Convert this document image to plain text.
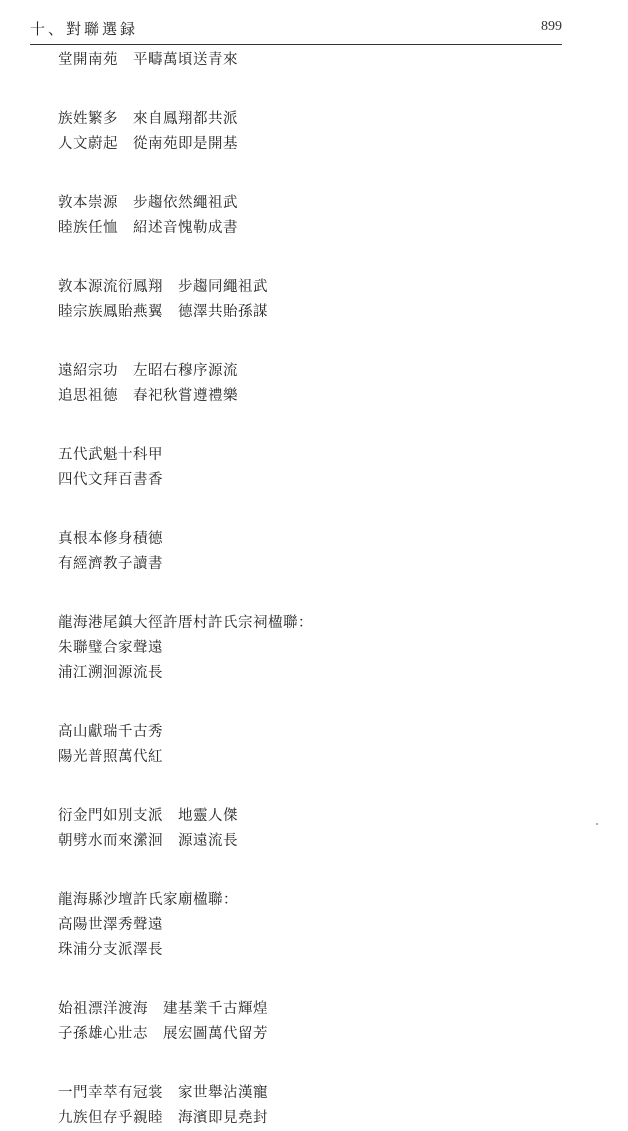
十、對聯選録	899
堂開南苑　平疇萬頃送青來
族姓繁多　來自鳳翔都共派
人文蔚起　從南苑即是開基
敦本崇源　步趨依然繩祖武
睦族任恤　紹述音愧勒成書
敦本源流衍鳳翔　步趨同繩祖武
睦宗族鳳貽燕翼　德澤共貽孫謀
遠紹宗功　左昭右穆序源流
追思祖德　春祀秋嘗遵禮樂
五代武魁十科甲
四代文拜百書香
真根本修身積德
有經濟教子讀書
龍海港尾鎮大徑許厝村許氏宗祠楹聯：
朱聯璧合家聲遠
浦江溯洄源流長
高山獻瑞千古秀
陽光普照萬代紅
衍金門如別支派　地靈人傑
朝劈水而來瀠洄　源遠流長
龍海縣沙壇許氏家廟楹聯：
高陽世澤秀聲遠
珠浦分支派澤長
始祖漂洋渡海　建基業千古輝煌
子孫雄心壯志　展宏圖萬代留芳
一門幸萃有冠裳　家世舉沾漢寵
九族但存乎親睦　海濱即見堯封
